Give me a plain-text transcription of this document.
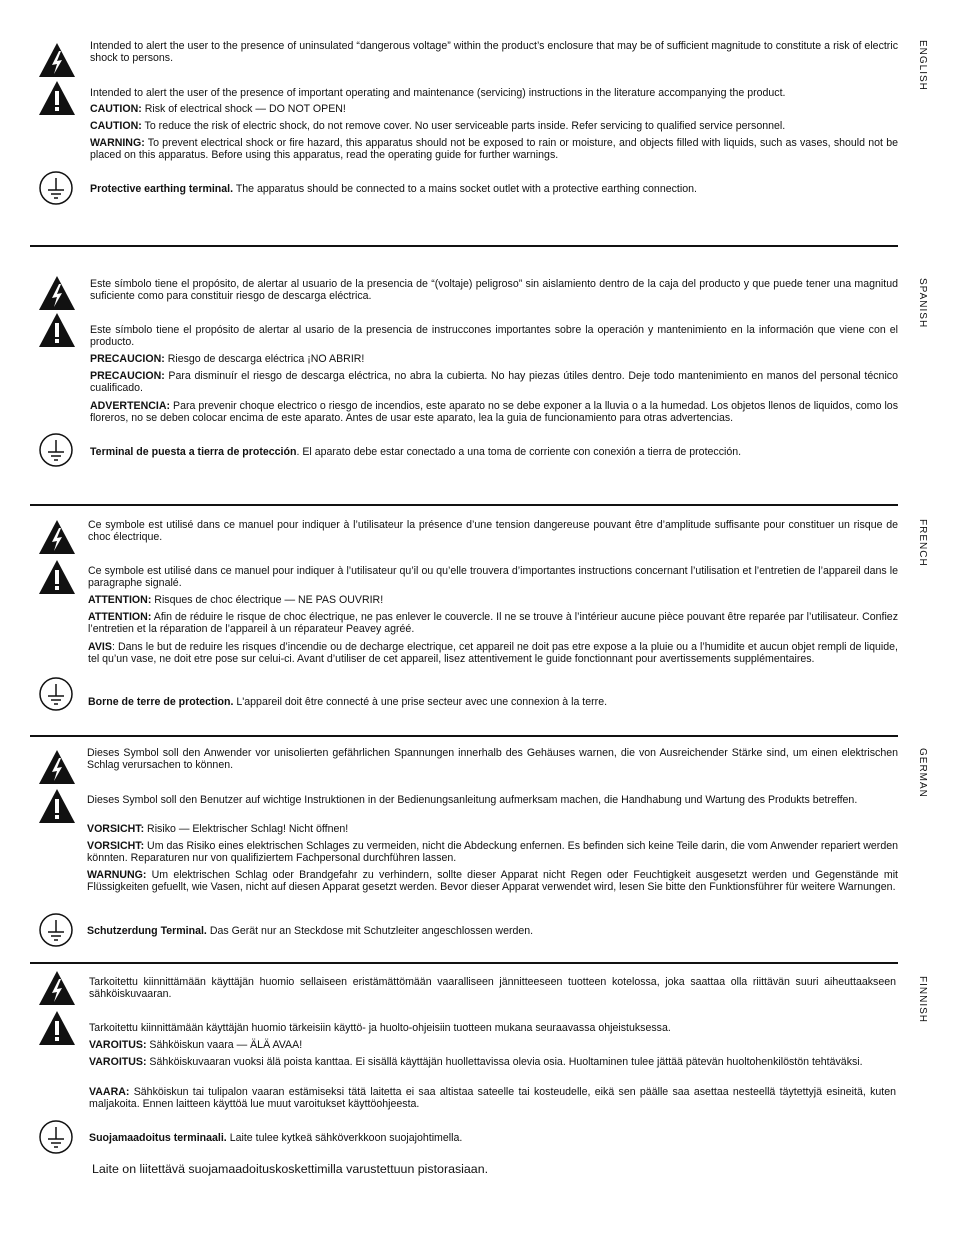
Intended to alert the user to the presence of uninsulated “dangerous voltage” within the product’s enclosure that may be of sufficient magnitude to constitute a risk of electric shock to persons.

Intended to alert the user of the presence of important operating and maintenance (servicing) instructions in the literature accompanying the product.

CAUTION: Risk of electrical shock — DO NOT OPEN!

CAUTION: To reduce the risk of electric shock, do not remove cover. No user serviceable parts inside. Refer servicing to qualified service personnel.

WARNING: To prevent electrical shock or fire hazard, this apparatus should not be exposed to rain or moisture, and objects filled with liquids, such as vases, should not be placed on this apparatus. Before using this apparatus, read the operating guide for further warnings.

Protective earthing terminal. The apparatus should be connected to a mains socket outlet with a protective earthing connection.

ENGLISH

Este símbolo tiene el propósito, de alertar al usuario de la presencia de “(voltaje) peligroso” sin aislamiento dentro de la caja del producto y que puede tener una magnitud suficiente como para constituir riesgo de descarga eléctrica.

Este símbolo tiene el propósito de alertar al usario de la presencia de instruccones importantes sobre la operación y mantenimiento en la información que viene con el producto.

PRECAUCION: Riesgo de descarga eléctrica ¡NO ABRIR!

PRECAUCION: Para disminuír el riesgo de descarga eléctrica, no abra la cubierta. No hay piezas útiles dentro. Deje todo mantenimiento en manos del personal técnico cualificado.

ADVERTENCIA: Para prevenir choque electrico o riesgo de incendios, este aparato no se debe exponer a la lluvia o a la humedad. Los objetos llenos de liquidos, como los floreros, no se deben colocar encima de este aparato. Antes de usar este aparato, lea la guia de funcionamiento para otras advertencias.

Terminal de puesta a tierra de protección. El aparato debe estar conectado a una toma de corriente con conexión a tierra de protección.

SPANISH

Ce symbole est utilisé dans ce manuel pour indiquer à l’utilisateur la présence d’une tension dangereuse pouvant être d’amplitude suffisante pour constituer un risque de choc électrique.

Ce symbole est utilisé dans ce manuel pour indiquer à l’utilisateur qu’il ou qu’elle trouvera d’importantes instructions concernant l’utilisation et l’entretien de l’appareil dans le paragraphe signalé.

ATTENTION: Risques de choc électrique — NE PAS OUVRIR!

ATTENTION: Afin de réduire le risque de choc électrique, ne pas enlever le couvercle. Il ne se trouve à l’intérieur aucune pièce pouvant être reparée par l’utilisateur. Confiez l’entretien et la réparation de l’appareil à un réparateur Peavey agréé.

AVIS: Dans le but de reduire les risques d’incendie ou de decharge electrique, cet appareil ne doit pas etre expose a la pluie ou a l’humidite et aucun objet rempli de liquide, tel qu’un vase, ne doit etre pose sur celui-ci. Avant d’utiliser de cet appareil, lisez attentivement le guide fonctionnant pour avertissements supplémentaires.

Borne de terre de protection. L'appareil doit être connecté à une prise secteur avec une connexion à la terre.

FRENCH

Dieses Symbol soll den Anwender vor unisolierten gefährlichen Spannungen innerhalb des Gehäuses warnen, die von Ausreichender Stärke sind, um einen elektrischen Schlag verursachen to können.

Dieses Symbol soll den Benutzer auf wichtige Instruktionen in der Bedienungsanleitung aufmerksam machen, die Handhabung und Wartung des Produkts betreffen.

VORSICHT: Risiko — Elektrischer Schlag! Nicht öffnen!

VORSICHT: Um das Risiko eines elektrischen Schlages zu vermeiden, nicht die Abdeckung enfernen. Es befinden sich keine Teile darin, die vom Anwender repariert werden könnten. Reparaturen nur von qualifiziertem Fachpersonal durchführen lassen.

WARNUNG: Um elektrischen Schlag oder Brandgefahr zu verhindern, sollte dieser Apparat nicht Regen oder Feuchtigkeit ausgesetzt werden und Gegenstände mit Flüssigkeiten gefuellt, wie Vasen, nicht auf diesen Apparat gesetzt werden. Bevor dieser Apparat verwendet wird, lesen Sie bitte den Funktionsführer für weitere Warnungen.

Schutzerdung Terminal. Das Gerät nur an Steckdose mit Schutzleiter angeschlossen werden.

GERMAN

Tarkoitettu kiinnittämään käyttäjän huomio sellaiseen eristämättömään vaaralliseen jännitteeseen tuotteen kotelossa, joka saattaa olla riittävän suuri aiheuttaakseen sähköiskuvaaran.

Tarkoitettu kiinnittämään käyttäjän huomio tärkeisiin käyttö- ja huolto-ohjeisiin tuotteen mukana seuraavassa ohjeistuksessa.

VAROITUS: Sähköiskun vaara — ÄLÄ AVAA!

VAROITUS: Sähköiskuvaaran vuoksi älä poista kanttaa. Ei sisällä käyttäjän huollettavissa olevia osia. Huoltaminen tulee jättää pätevän huoltohenkilöstön tehtäväksi.

VAARA: Sähköiskun tai tulipalon vaaran estämiseksi tätä laitetta ei saa altistaa sateelle tai kosteudelle, eikä sen päälle saa asettaa nesteellä täytettyjä esineitä, kuten maljakoita. Ennen laitteen käyttöä lue muut varoitukset käyttöohjeesta.

Suojamaadoitus terminaali. Laite tulee kytkeä sähköverkkoon suojajohtimella.

FINNISH
Laite on liitettävä suojamaadoituskoskettimilla varustettuun pistorasiaan.
